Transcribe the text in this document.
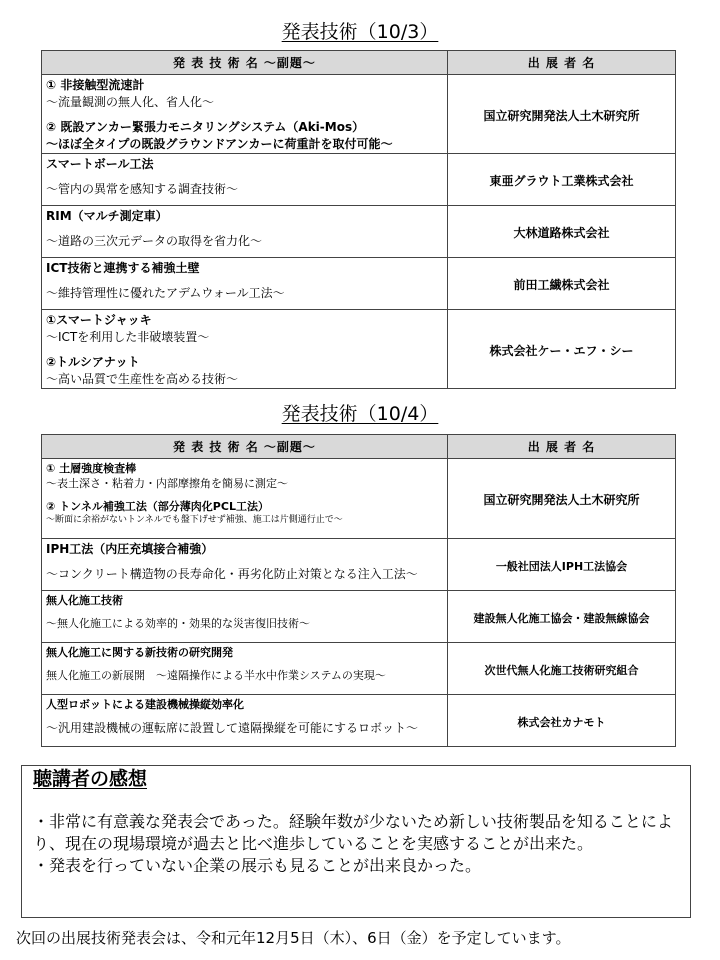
発表技術（10/3）
発 表 技 術 名 ～副題～	出 展 者 名

① 非接触型流速計
～流量観測の無人化、省人化～
② 既設アンカー緊張力モニタリングシステム（Aki-Mos）
～ほぼ全タイプの既設グラウンドアンカーに荷重計を取付可能～	国立研究開発法人土木研究所

スマートボール工法
～管内の異常を感知する調査技術～	東亜グラウト工業株式会社

RIM（マルチ測定車）
～道路の三次元データの取得を省力化～	大林道路株式会社

ICT技術と連携する補強土壁
～維持管理性に優れたアデムウォール工法～	前田工繊株式会社

①スマートジャッキ
～ICTを利用した非破壊装置～
②トルシアナット
～高い品質で生産性を高める技術～	株式会社ケー・エフ・シー
発表技術（10/4）
発 表 技 術 名 ～副題～	出 展 者 名

① 土層強度検査棒
～表土深さ・粘着力・内部摩擦角を簡易に測定～
② トンネル補強工法（部分薄肉化PCL工法）
～断面に余裕がないトンネルでも盤下げせず補強、施工は片側通行止で～	国立研究開発法人土木研究所

IPH工法（内圧充填接合補強）
～コンクリート構造物の長寿命化・再劣化防止対策となる注入工法～	一般社団法人IPH工法協会

無人化施工技術
～無人化施工による効率的・効果的な災害復旧技術～	建設無人化施工協会・建設無線協会

無人化施工に関する新技術の研究開発
無人化施工の新展開　～遠隔操作による半水中作業システムの実現～	次世代無人化施工技術研究組合

人型ロボットによる建設機械操縦効率化
～汎用建設機械の運転席に設置して遠隔操縦を可能にするロボット～	株式会社カナモト
聴講者の感想

・非常に有意義な発表会であった。経験年数が少ないため新しい技術製品を知ることにより、現在の現場環境が過去と比べ進歩していることを実感することが出来た。

・発表を行っていない企業の展示も見ることが出来良かった。

次回の出展技術発表会は、令和元年12月5日（木）、6日（金）を予定しています。
